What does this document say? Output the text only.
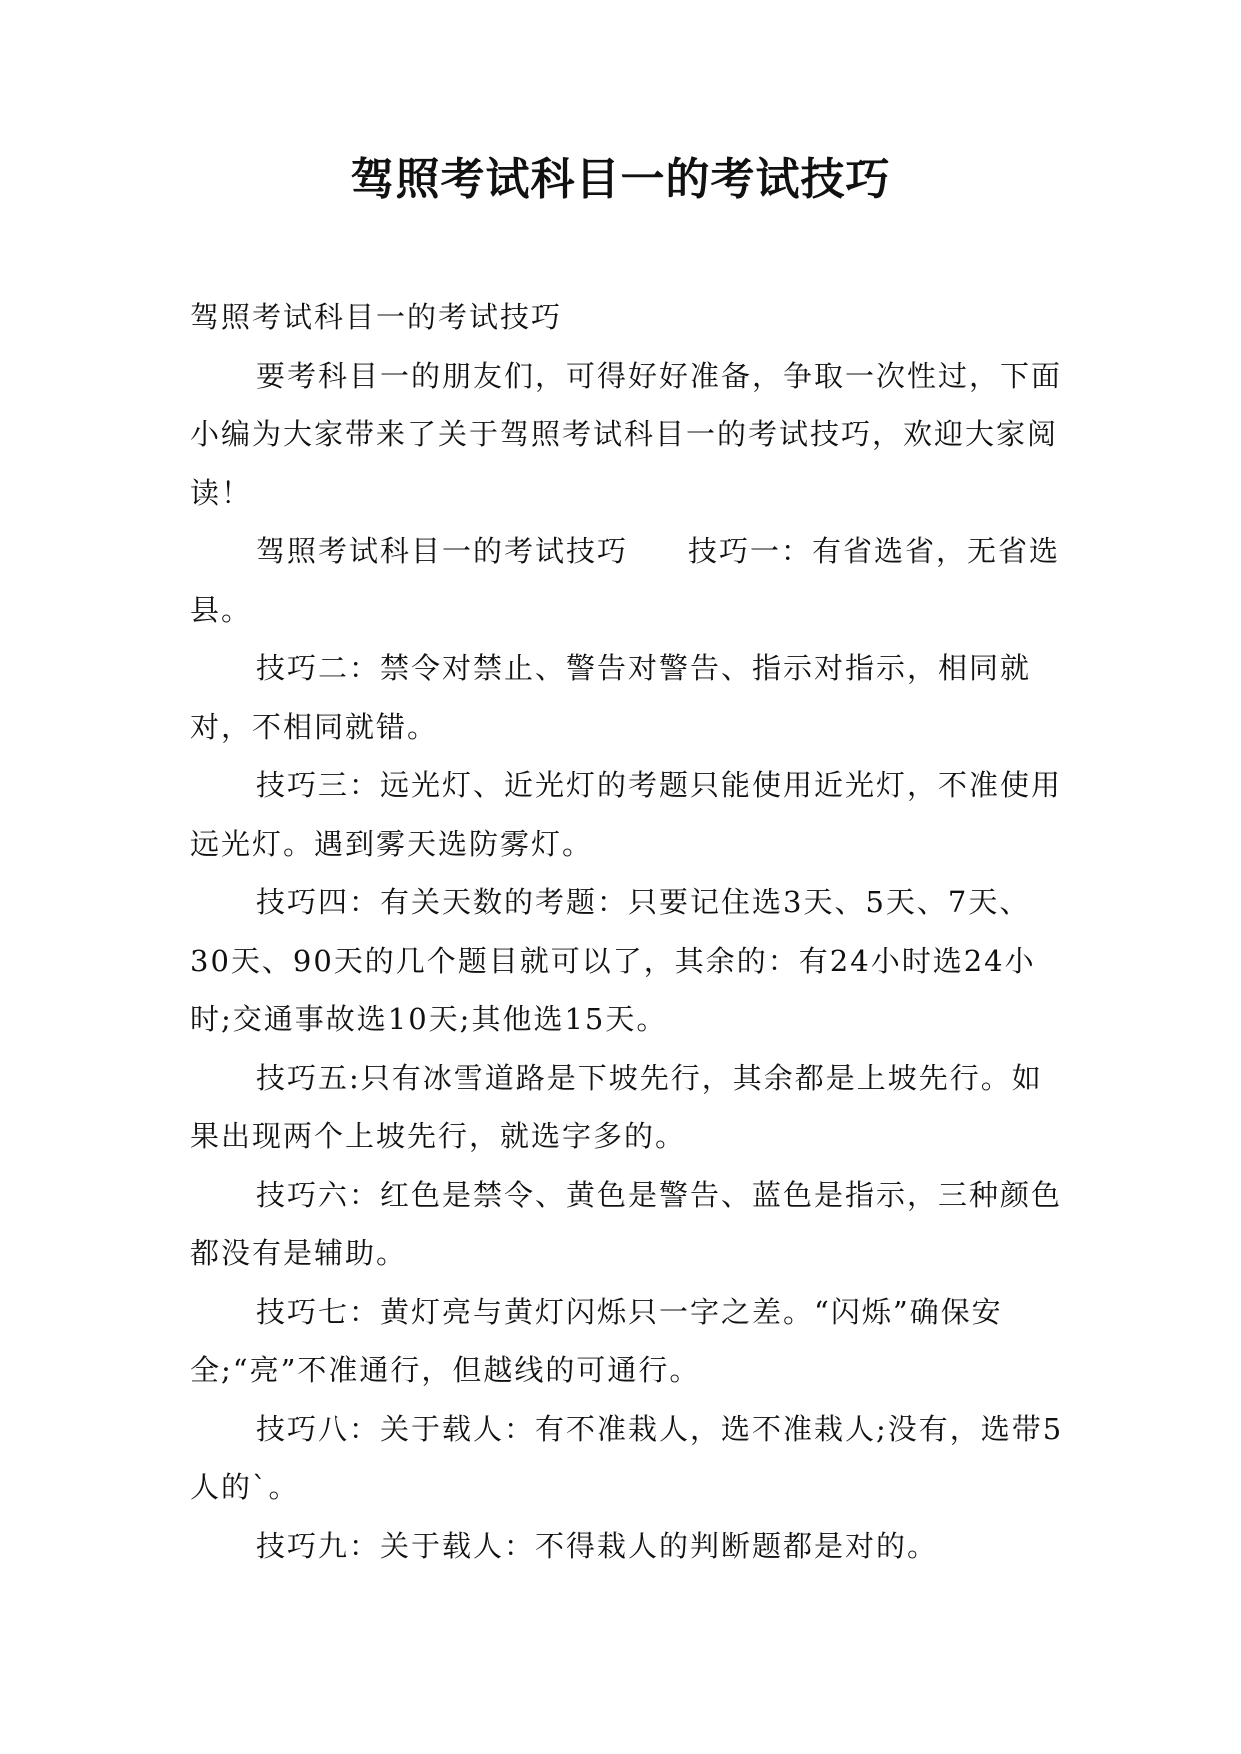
驾照考试科目一的考试技巧

驾照考试科目一的考试技巧

要考科目一的朋友们，可得好好准备，争取一次性过，下面小编为大家带来了关于驾照考试科目一的考试技巧，欢迎大家阅读！

驾照考试科目一的考试技巧 技巧一：有省选省，无省选县。

技巧二：禁令对禁止、警告对警告、指示对指示，相同就对，不相同就错。

技巧三：远光灯、近光灯的考题只能使用近光灯，不准使用远光灯。遇到雾天选防雾灯。

技巧四：有关天数的考题：只要记住选3天、5天、7天、30天、90天的几个题目就可以了，其余的：有24小时选24小时;交通事故选10天;其他选15天。

技巧五:只有冰雪道路是下坡先行，其余都是上坡先行。如果出现两个上坡先行，就选字多的。

技巧六：红色是禁令、黄色是警告、蓝色是指示，三种颜色都没有是辅助。

技巧七：黄灯亮与黄灯闪烁只一字之差。“闪烁”确保安全;“亮”不准通行，但越线的可通行。

技巧八：关于载人：有不准栽人，选不准栽人;没有，选带5人的`。

技巧九：关于载人：不得栽人的判断题都是对的。
